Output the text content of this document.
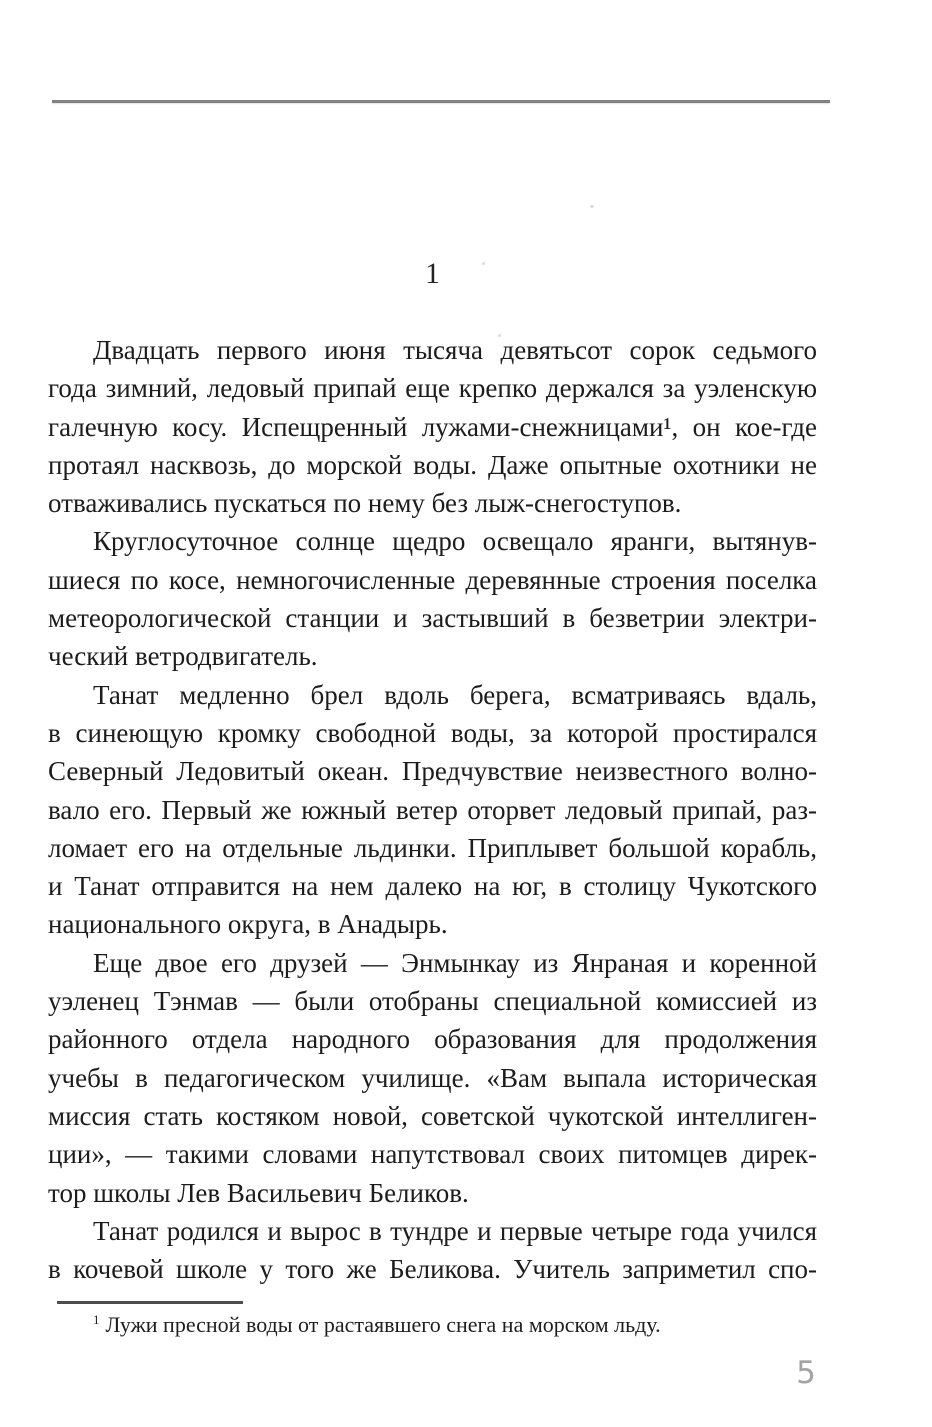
1
Двадцать первого июня тысяча девятьсот сорок седьмого
года зимний, ледовый припай еще крепко держался за уэленскую
галечную косу. Испещренный лужами-снежницами¹, он кое-где
протаял насквозь, до морской воды. Даже опытные охотники не
отваживались пускаться по нему без лыж-снегоступов.
Круглосуточное солнце щедро освещало яранги, вытянув-
шиеся по косе, немногочисленные деревянные строения поселка
метеорологической станции и застывший в безветрии электри-
ческий ветродвигатель.
Танат медленно брел вдоль берега, всматриваясь вдаль,
в синеющую кромку свободной воды, за которой простирался
Северный Ледовитый океан. Предчувствие неизвестного волно-
вало его. Первый же южный ветер оторвет ледовый припай, раз-
ломает его на отдельные льдинки. Приплывет большой корабль,
и Танат отправится на нем далеко на юг, в столицу Чукотского
национального округа, в Анадырь.
Еще двое его друзей — Энмынкау из Янраная и коренной
уэленец Тэнмав — были отобраны специальной комиссией из
районного отдела народного образования для продолжения
учебы в педагогическом училище. «Вам выпала историческая
миссия стать костяком новой, советской чукотской интеллиген-
ции», — такими словами напутствовал своих питомцев дирек-
тор школы Лев Васильевич Беликов.
Танат родился и вырос в тундре и первые четыре года учился
в кочевой школе у того же Беликова. Учитель заприметил спо-
$^1$ Лужи пресной воды от растаявшего снега на морском льду.
5
